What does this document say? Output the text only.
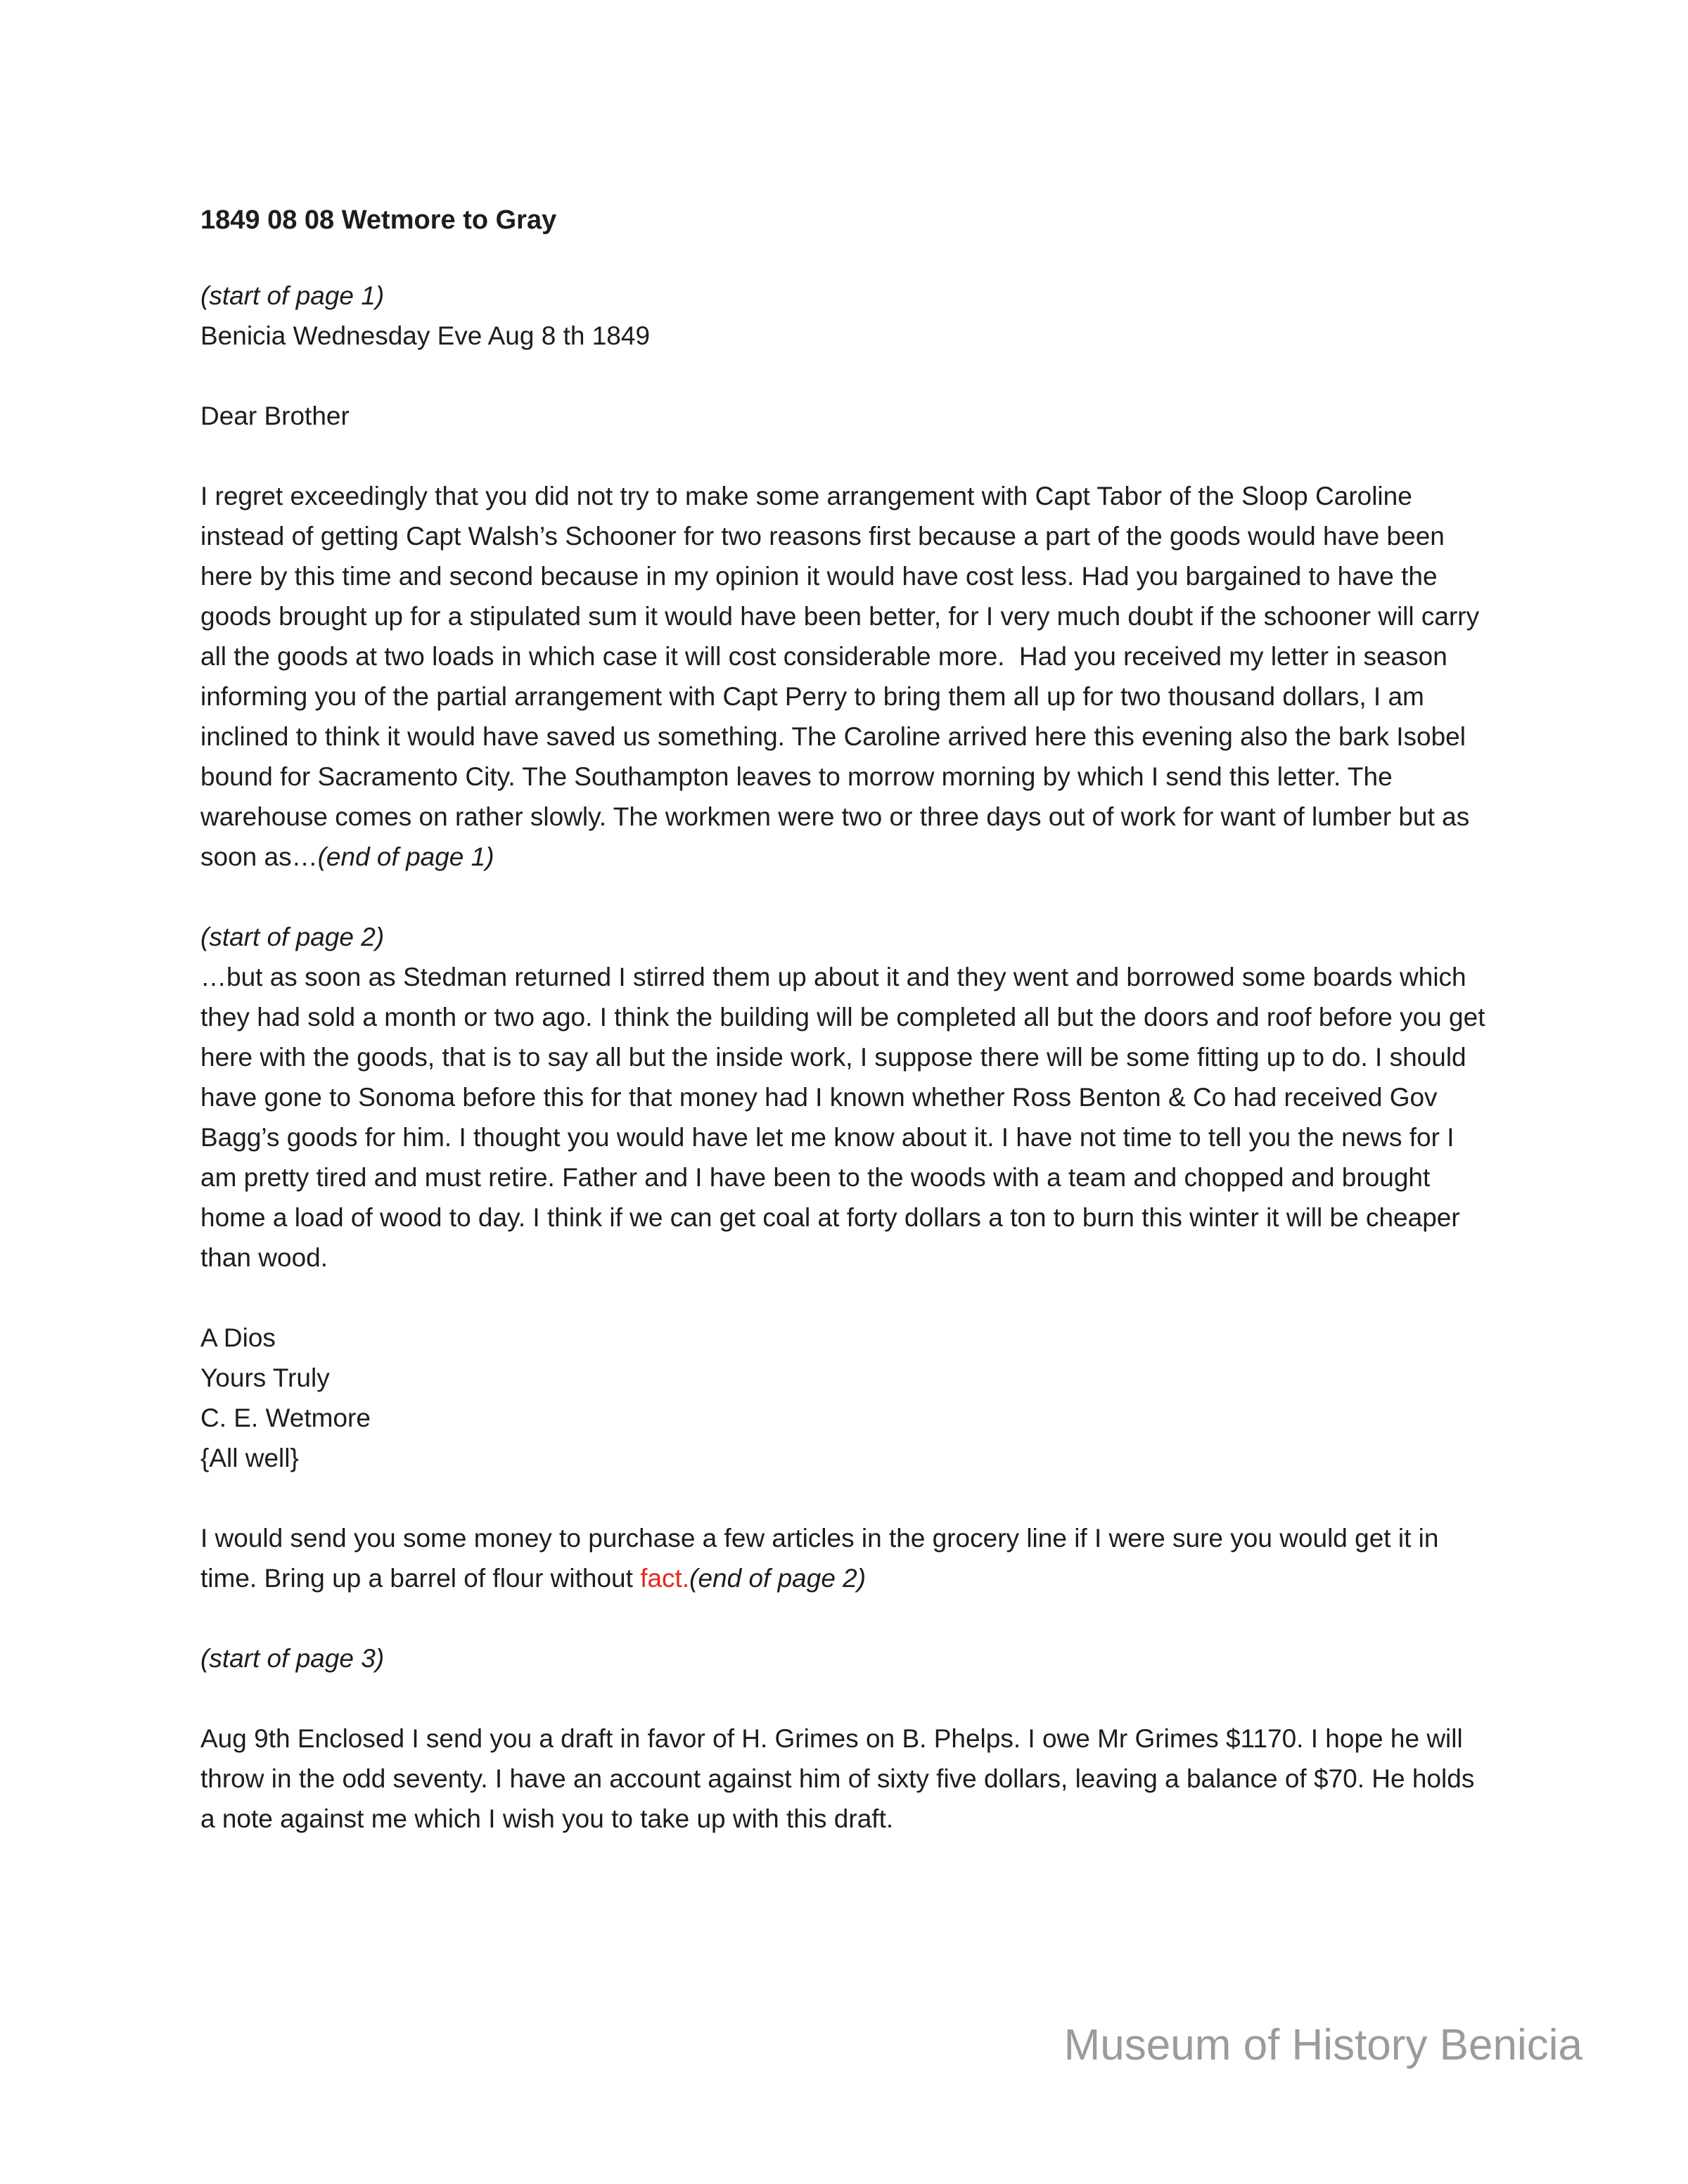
1849 08 08 Wetmore to Gray
(start of page 1)
Benicia Wednesday Eve Aug 8 th 1849
Dear Brother

I regret exceedingly that you did not try to make some arrangement with Capt Tabor of the Sloop Caroline instead of getting Capt Walsh’s Schooner for two reasons first because a part of the goods would have been here by this time and second because in my opinion it would have cost less. Had you bargained to have the goods brought up for a stipulated sum it would have been better, for I very much doubt if the schooner will carry all the goods at two loads in which case it will cost considerable more.  Had you received my letter in season informing you of the partial arrangement with Capt Perry to bring them all up for two thousand dollars, I am inclined to think it would have saved us something. The Caroline arrived here this evening also the bark Isobel bound for Sacramento City. The Southampton leaves to morrow morning by which I send this letter. The warehouse comes on rather slowly. The workmen were two or three days out of work for want of lumber but as soon as…(end of page 1)

(start of page 2)
…but as soon as Stedman returned I stirred them up about it and they went and borrowed some boards which they had sold a month or two ago. I think the building will be completed all but the doors and roof before you get here with the goods, that is to say all but the inside work, I suppose there will be some fitting up to do. I should have gone to Sonoma before this for that money had I known whether Ross Benton & Co had received Gov Bagg’s goods for him. I thought you would have let me know about it. I have not time to tell you the news for I am pretty tired and must retire. Father and I have been to the woods with a team and chopped and brought home a load of wood to day. I think if we can get coal at forty dollars a ton to burn this winter it will be cheaper than wood.
A Dios
Yours Truly
C. E. Wetmore
{All well}

I would send you some money to purchase a few articles in the grocery line if I were sure you would get it in time. Bring up a barrel of flour without fact.(end of page 2)

(start of page 3)

Aug 9th Enclosed I send you a draft in favor of H. Grimes on B. Phelps. I owe Mr Grimes $1170. I hope he will throw in the odd seventy. I have an account against him of sixty five dollars, leaving a balance of $70. He holds a note against me which I wish you to take up with this draft.

Museum of History Benicia
